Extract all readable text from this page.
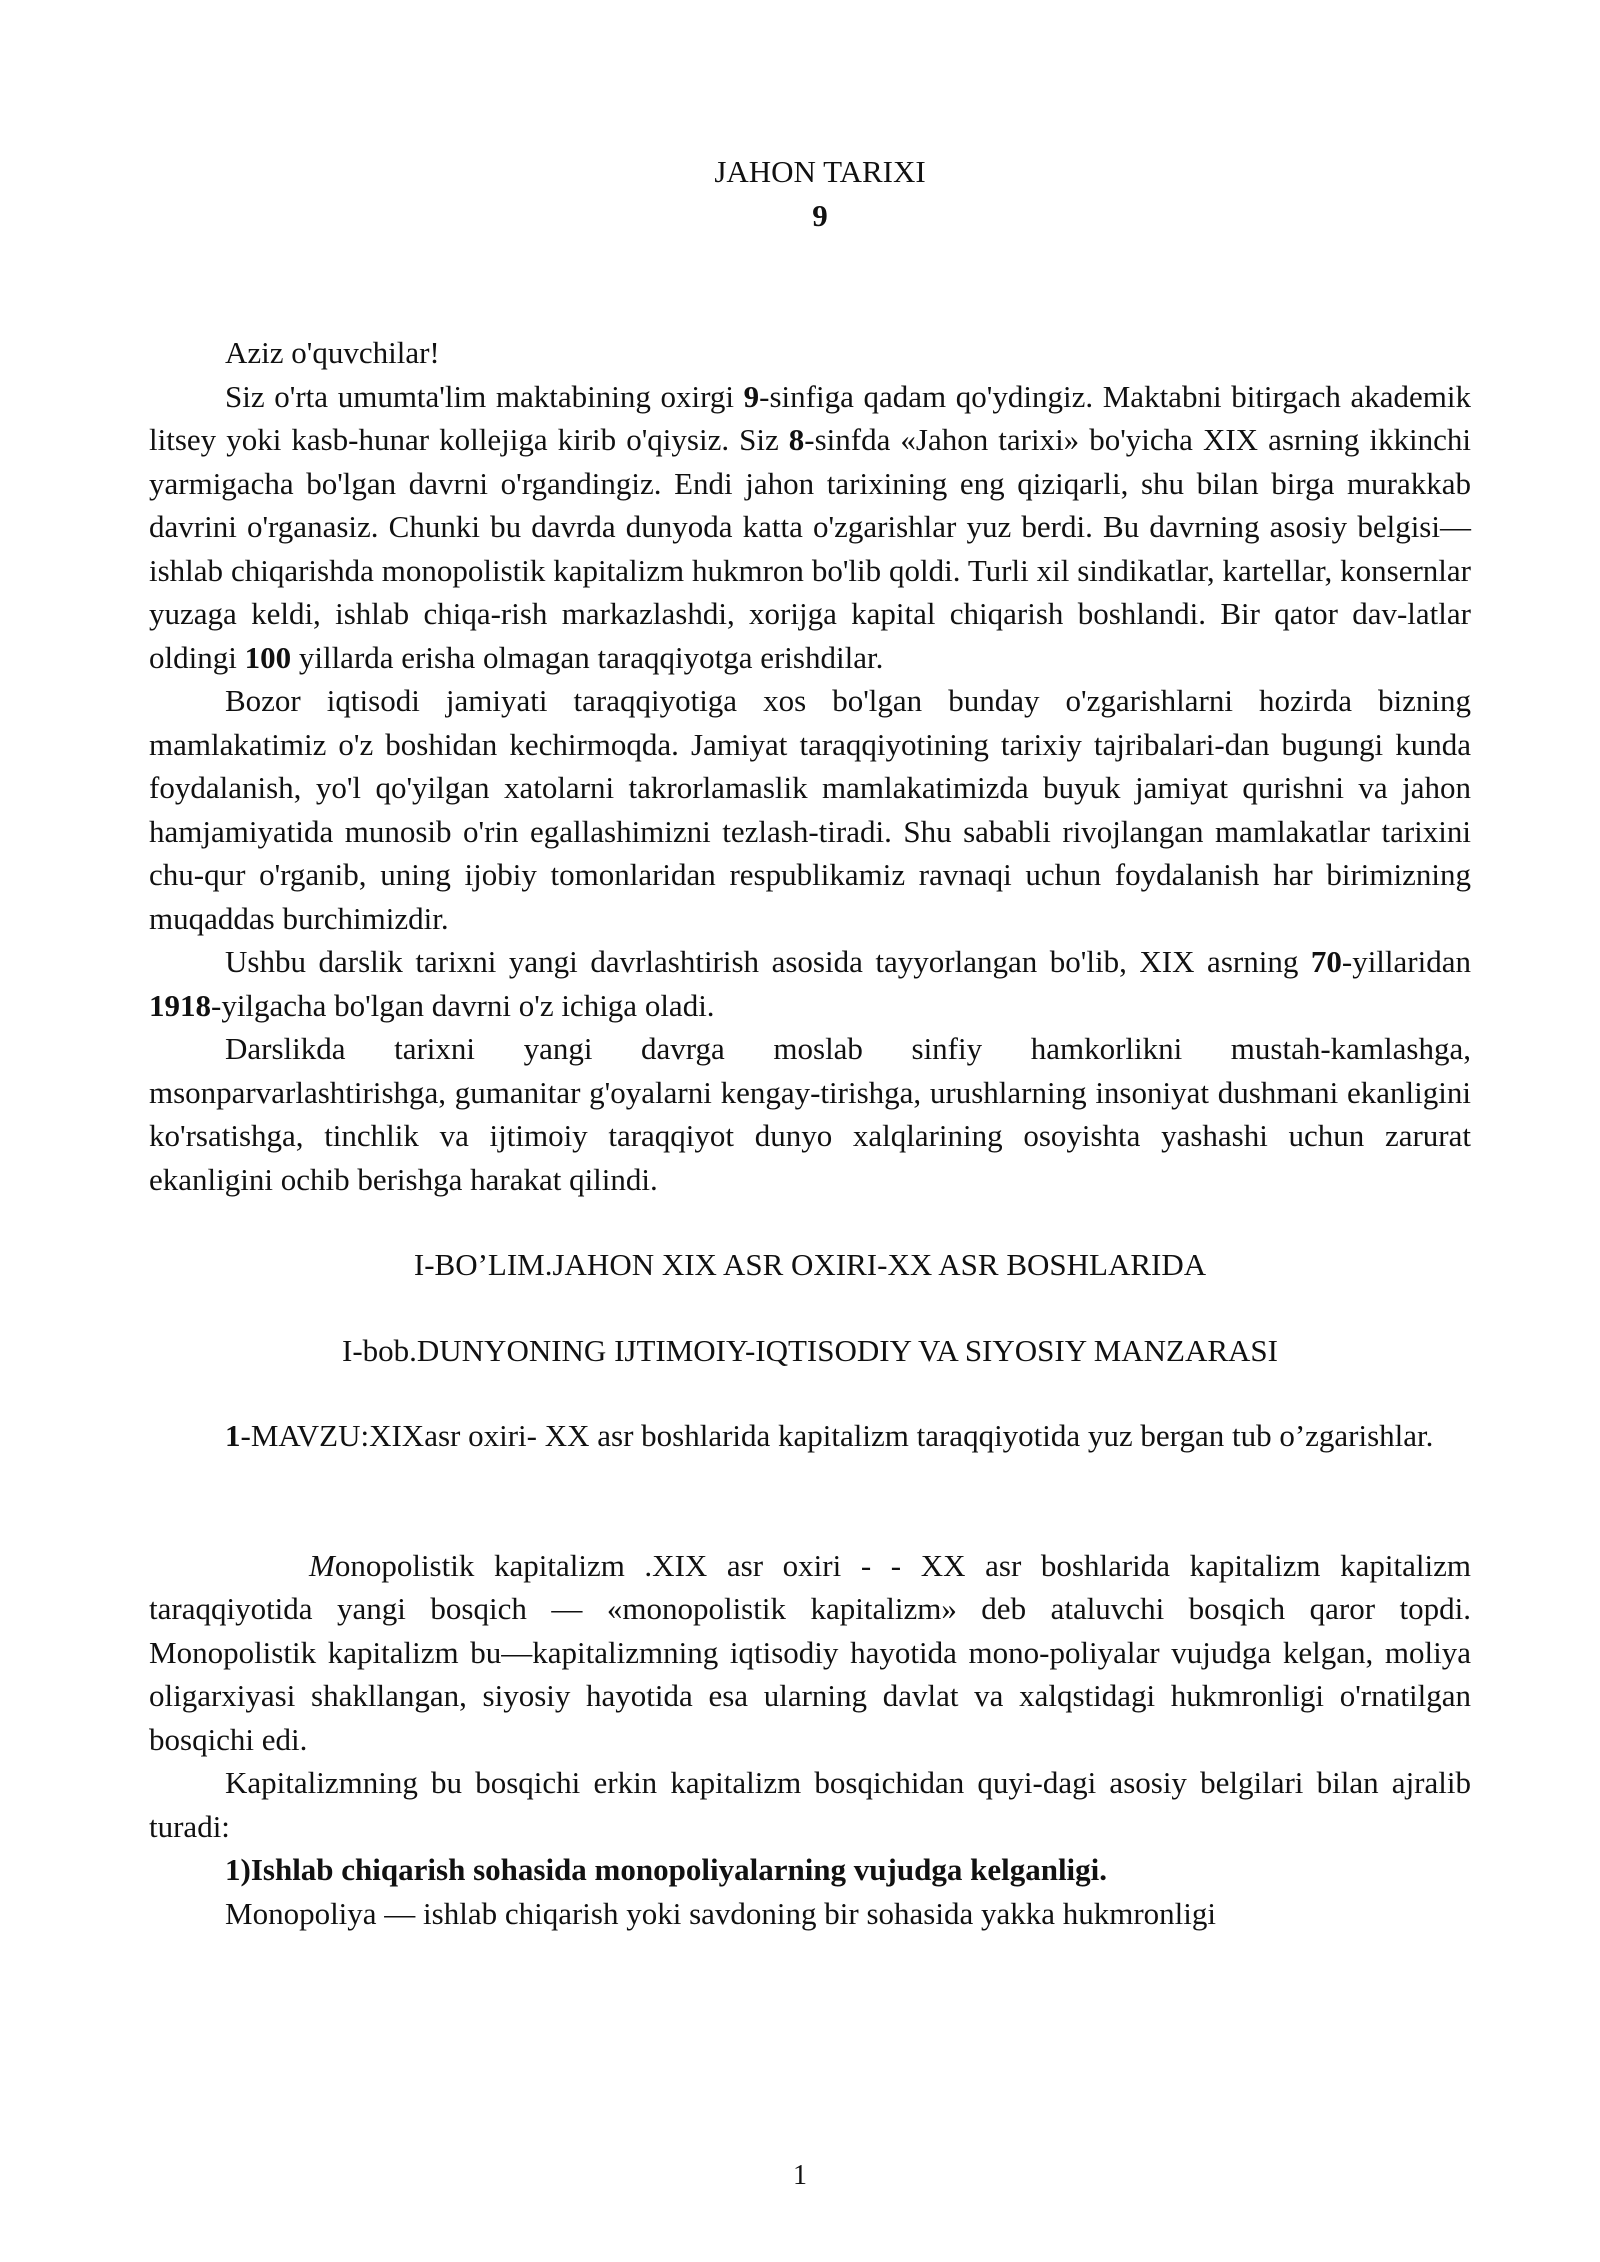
JAHON TARIXI
9

Aziz o'quvchilar!

Siz o'rta umumta'lim maktabining oxirgi 9-sinfiga qadam qo'ydingiz. Maktabni bitirgach akademik litsey yoki kasb-hunar kollejiga kirib o'qiysiz. Siz 8-sinfda «Jahon tarixi» bo'yicha XIX asrning ikkinchi yarmigacha bo'lgan davrni o'rgandingiz. Endi jahon tarixining eng qiziqarli, shu bilan birga murakkab davrini o'rganasiz. Chunki bu davrda dunyoda katta o'zgarishlar yuz berdi. Bu davrning asosiy belgisi—ishlab chiqarishda monopolistik kapitalizm hukmron bo'lib qoldi. Turli xil sindikatlar, kartellar, konsernlar yuzaga keldi, ishlab chiqa-rish markazlashdi, xorijga kapital chiqarish boshlandi. Bir qator dav-latlar oldingi 100 yillarda erisha olmagan taraqqiyotga erishdilar.

Bozor iqtisodi jamiyati taraqqiyotiga xos bo'lgan bunday o'zgarishlarni hozirda bizning mamlakatimiz o'z boshidan kechirmoqda. Jamiyat taraqqiyotining tarixiy tajribalari-dan bugungi kunda foydalanish, yo'l qo'yilgan xatolarni takrorlamaslik mamlakatimizda buyuk jamiyat qurishni va jahon hamjamiyatida munosib o'rin egallashimizni tezlash-tiradi. Shu sababli rivojlangan mamlakatlar tarixini chu-qur o'rganib, uning ijobiy tomonlaridan respublikamiz ravnaqi uchun foydalanish har birimizning muqaddas burchimizdir.

Ushbu darslik tarixni yangi davrlashtirish asosida tayyorlangan bo'lib, XIX asrning 70-yillaridan 1918-yilgacha bo'lgan davrni o'z ichiga oladi.

Darslikda tarixni yangi davrga moslab sinfiy hamkorlikni mustah-kamlashga, msonparvarlashtirishga, gumanitar g'oyalarni kengay-tirishga, urushlarning insoniyat dushmani ekanligini ko'rsatishga, tinchlik va ijtimoiy taraqqiyot dunyo xalqlarining osoyishta yashashi uchun zarurat ekanligini ochib berishga harakat qilindi.

I-BO’LIM.JAHON XIX ASR OXIRI-XX ASR BOSHLARIDA

I-bob.DUNYONING IJTIMOIY-IQTISODIY VA SIYOSIY MANZARASI

1-MAVZU:XIXasr oxiri- XX asr boshlarida kapitalizm taraqqiyotida yuz bergan tub o’zgarishlar.

Monopolistik kapitalizm .XIX asr oxiri - - XX asr boshlarida kapitalizm kapitalizm     taraqqiyotida yangi bosqich — «monopolistik kapitalizm» deb ataluvchi bosqich qaror topdi. Monopolistik kapitalizm bu—kapitalizmning iqtisodiy hayotida mono-poliyalar vujudga kelgan, moliya oligarxiyasi shakllangan, siyosiy hayotida esa ularning davlat va xalqstidagi hukmronligi o'rnatilgan bosqichi edi.

Kapitalizmning bu bosqichi erkin kapitalizm bosqichidan quyi-dagi asosiy belgilari bilan ajralib turadi:

1)Ishlab chiqarish sohasida monopoliyalarning vujudga kelganligi.

Monopoliya — ishlab chiqarish yoki savdoning bir sohasida yakka hukmronligi

1
